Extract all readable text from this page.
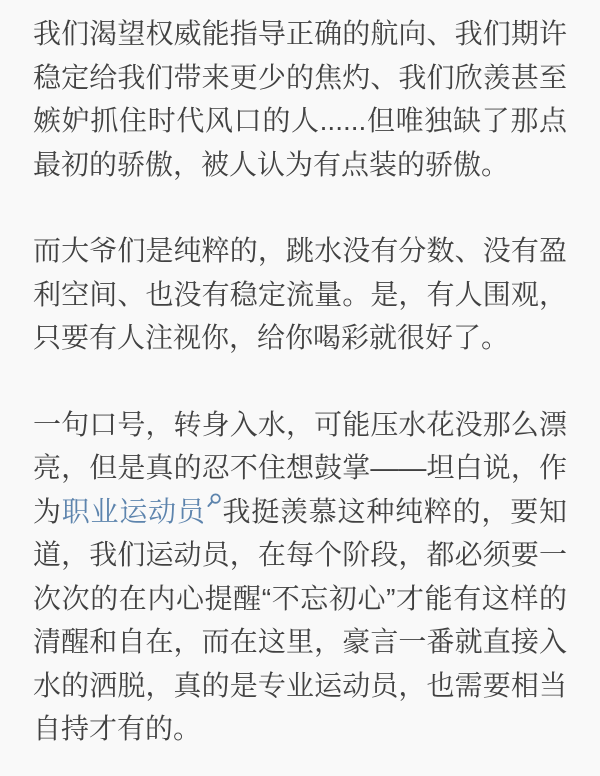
我们渴望权威能指导正确的航向、我们期许稳定给我们带来更少的焦灼、我们欣羡甚至嫉妒抓住时代风口的人......但唯独缺了那点最初的骄傲，被人认为有点装的骄傲。

而大爷们是纯粹的，跳水没有分数、没有盈利空间、也没有稳定流量。是，有人围观，只要有人注视你，给你喝彩就很好了。

一句口号，转身入水，可能压水花没那么漂亮，但是真的忍不住想鼓掌——坦白说，作为职业运动员 我挺羡慕这种纯粹的，要知道，我们运动员，在每个阶段，都必须要一次次的在内心提醒“不忘初心”才能有这样的清醒和自在，而在这里，豪言一番就直接入水的洒脱，真的是专业运动员，也需要相当自持才有的。
